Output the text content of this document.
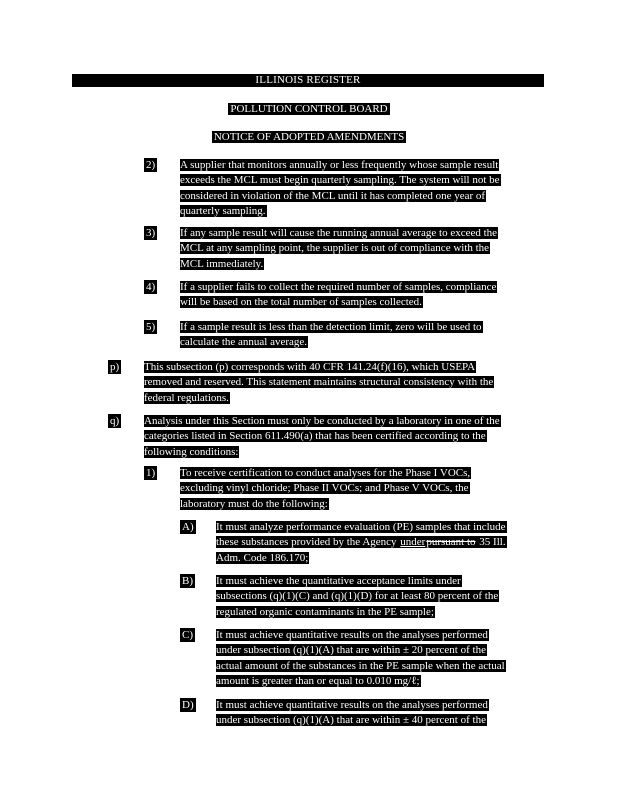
ILLINOIS REGISTER
POLLUTION CONTROL BOARD
NOTICE OF ADOPTED AMENDMENTS
2) A supplier that monitors annually or less frequently whose sample result
exceeds the MCL must begin quarterly sampling. The system will not be
considered in violation of the MCL until it has completed one year of
quarterly sampling.
3) If any sample result will cause the running annual average to exceed the
MCL at any sampling point, the supplier is out of compliance with the
MCL immediately.
4) If a supplier fails to collect the required number of samples, compliance
will be based on the total number of samples collected.
5) If a sample result is less than the detection limit, zero will be used to
calculate the annual average.
p) This subsection (p) corresponds with 40 CFR 141.24(f)(16), which USEPA
removed and reserved. This statement maintains structural consistency with the
federal regulations.
q) Analysis under this Section must only be conducted by a laboratory in one of the
categories listed in Section 611.490(a) that has been certified according to the
following conditions:
1) To receive certification to conduct analyses for the Phase I VOCs,
excluding vinyl chloride; Phase II VOCs; and Phase V VOCs, the
laboratory must do the following:
A) It must analyze performance evaluation (PE) samples that include
these substances provided by the Agency underpursuant to 35 Ill.
Adm. Code 186.170;
B) It must achieve the quantitative acceptance limits under
subsections (q)(1)(C) and (q)(1)(D) for at least 80 percent of the
regulated organic contaminants in the PE sample;
C) It must achieve quantitative results on the analyses performed
under subsection (q)(1)(A) that are within ± 20 percent of the
actual amount of the substances in the PE sample when the actual
amount is greater than or equal to 0.010 mg/ℓ;
D) It must achieve quantitative results on the analyses performed
under subsection (q)(1)(A) that are within ± 40 percent of the
